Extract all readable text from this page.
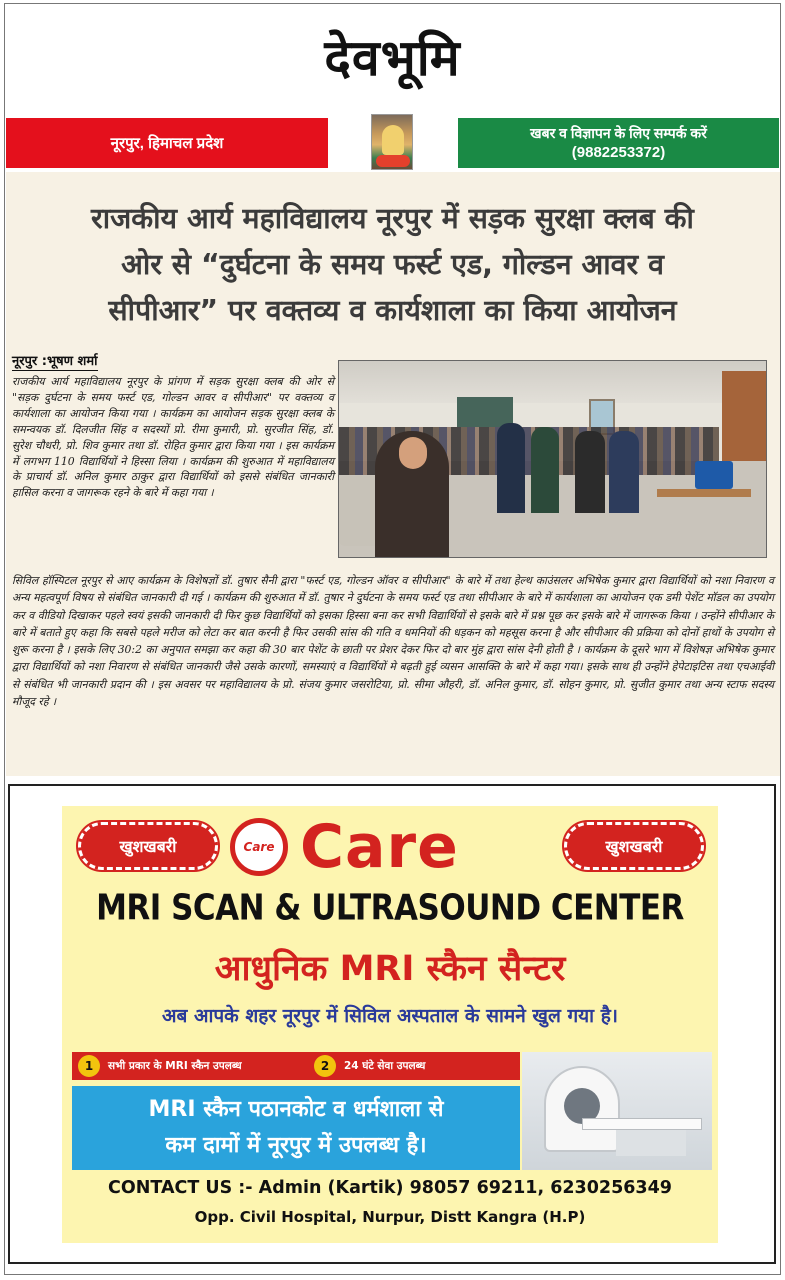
देवभूमि
नूरपुर, हिमाचल प्रदेश
खबर व विज्ञापन के लिए सम्पर्क करें
(9882253372)
राजकीय आर्य महाविद्यालय नूरपुर में सड़क सुरक्षा क्लब की
ओर से “दुर्घटना के समय फर्स्ट एड, गोल्डन आवर व
सीपीआर” पर वक्तव्य व कार्यशाला का किया आयोजन
नूरपुर :भूषण शर्मा
राजकीय आर्य महाविद्यालय नूरपुर के प्रांगण में सड़क सुरक्षा क्लब की ओर से "सड़क दुर्घटना के समय फर्स्ट एड, गोल्डन आवर व सीपीआर" पर वक्तव्य व कार्यशाला का आयोजन किया गया । कार्यक्रम का आयोजन सड़क सुरक्षा क्लब के समन्वयक डॉ. दिलजीत सिंह व सदस्यों प्रो. रीमा कुमारी, प्रो. सुरजीत सिंह, डॉ. सुरेश चौधरी, प्रो. शिव कुमार तथा डॉ. रोहित कुमार द्वारा किया गया । इस कार्यक्रम में लगभग 110 विद्यार्थियों ने हिस्सा लिया । कार्यक्रम की शुरुआत में महाविद्यालय के प्राचार्य डॉ. अनिल कुमार ठाकुर द्वारा विद्यार्थियों को इससे संबंधित जानकारी हासिल करना व जागरूक रहने के बारे में कहा गया ।
सिविल हॉस्पिटल नूरपुर से आए कार्यक्रम के विशेषज्ञों डॉ. तुषार सैनी द्वारा "फर्स्ट एड, गोल्डन ऑवर व सीपीआर" के बारे में तथा हेल्थ काउंसलर अभिषेक कुमार द्वारा विद्यार्थियों को नशा निवारण व अन्य महत्वपूर्ण विषय से संबंधित जानकारी दी गई । कार्यक्रम की शुरुआत में डॉ. तुषार ने दुर्घटना के समय फर्स्ट एड तथा सीपीआर के बारे में कार्यशाला का आयोजन एक डमी पेशेंट मॉडल का उपयोग कर व वीडियो दिखाकर पहले स्वयं इसकी जानकारी दी फिर कुछ विद्यार्थियों को इसका हिस्सा बना कर सभी विद्यार्थियों से इसके बारे में प्रश्न पूछ कर इसके बारे में जागरूक किया । उन्होंने सीपीआर के बारे में बताते हुए कहा कि सबसे पहले मरीज को लेटा कर बात करनी है फिर उसकी सांस की गति व धमनियों की धड़कन को महसूस करना है और सीपीआर की प्रक्रिया को दोनों हाथों के उपयोग से शुरू करना है । इसके लिए 30:2 का अनुपात समझा कर कहा की 30 बार पेशेंट के छाती पर प्रेशर देकर फिर दो बार मुंह द्वारा सांस देनी होती है । कार्यक्रम के दूसरे भाग में विशेषज्ञ अभिषेक कुमार द्वारा विद्यार्थियों को नशा निवारण से संबंधित जानकारी जैसे उसके कारणों, समस्याएं व विद्यार्थियों मे बढ़ती हुई व्यसन आसक्ति के बारे में कहा गया। इसके साथ ही उन्होंने हेपेटाइटिस तथा एचआईवी से संबंधित भी जानकारी प्रदान की । इस अवसर पर महाविद्यालय के प्रो. संजय कुमार जसरोटिया, प्रो. सीमा औहरी, डॉ. अनिल कुमार, डॉ. सोहन कुमार, प्रो. सुजीत कुमार तथा अन्य स्टाफ सदस्य मौजूद रहे ।
खुशखबरी	Care Care	खुशखबरी
MRI SCAN & ULTRASOUND CENTER
आधुनिक MRI स्कैन सैन्टर
अब आपके शहर नूरपुर में सिविल अस्पताल के सामने खुल गया है।
1	सभी प्रकार के MRI स्कैन उपलब्ध	2	24 घंटे सेवा उपलब्ध
MRI स्कैन पठानकोट व धर्मशाला से
कम दामों में नूरपुर में उपलब्ध है।
CONTACT US :- Admin (Kartik) 98057 69211, 6230256349
Opp. Civil Hospital, Nurpur, Distt Kangra (H.P)
